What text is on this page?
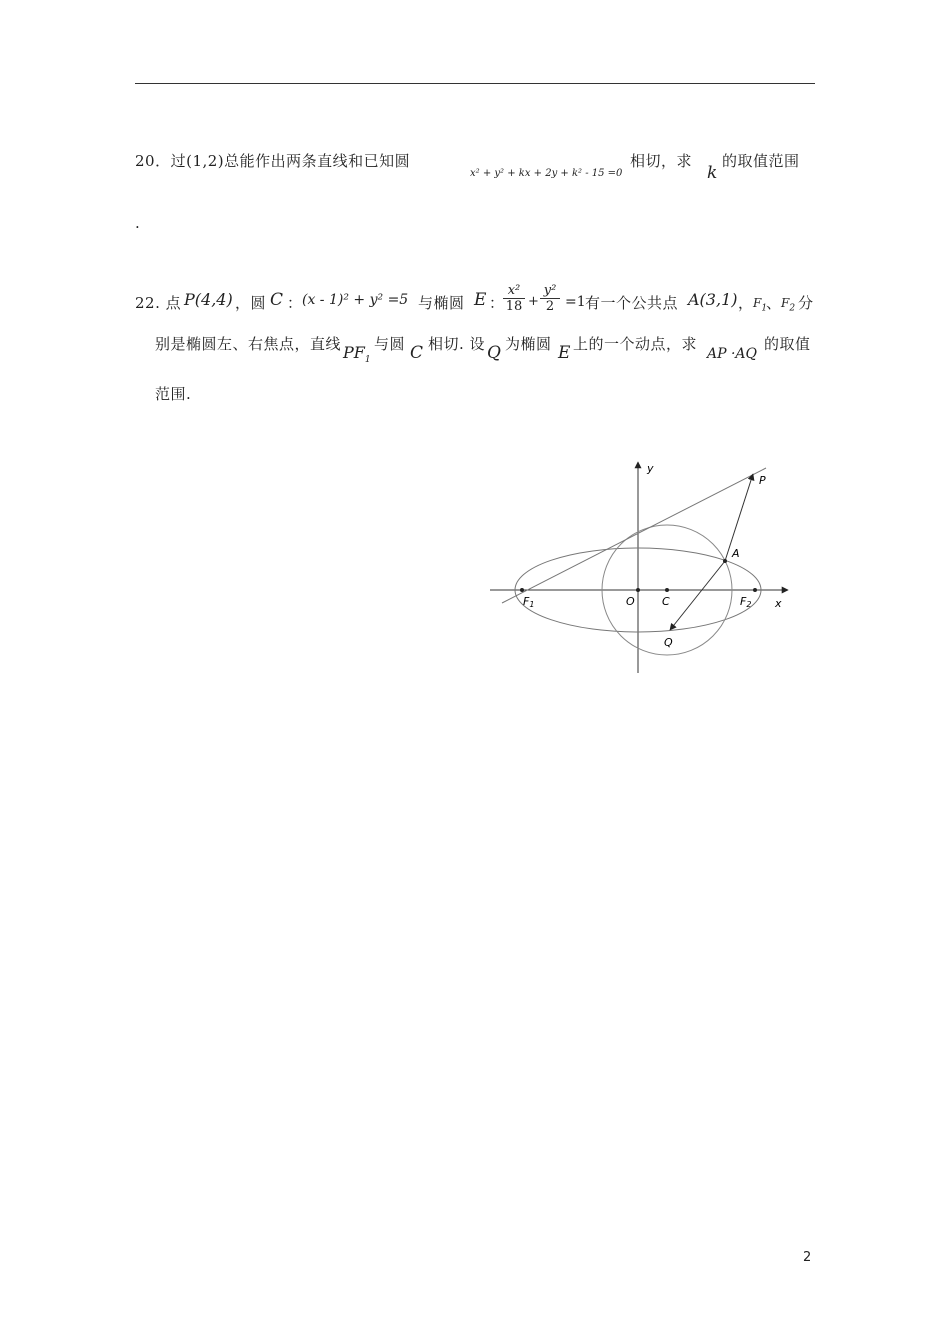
20．过(1,2)总能作出两条直线和已知圆
x² + y² + kx + 2y + k² - 15 =0
相切，求
k
的取值范围
.
22. 点 P(4,4) ，圆 C ： (x - 1)² + y² =5 与椭圆 E ：
$\frac{\text{x²}}{18} + \frac{\text{y²}}{2} =1$ 有一个公共点 A(3,1) ， $F_1$
、 $F_2$ 分
别是椭圆左、右焦点，直线 $PF_1$
与圆 C 相切. 设 Q 为椭圆 E 上的一个动点，求
AP ·AQ
的取值
范围.
y
x
P
A
O C
F1	F2
Q
2
